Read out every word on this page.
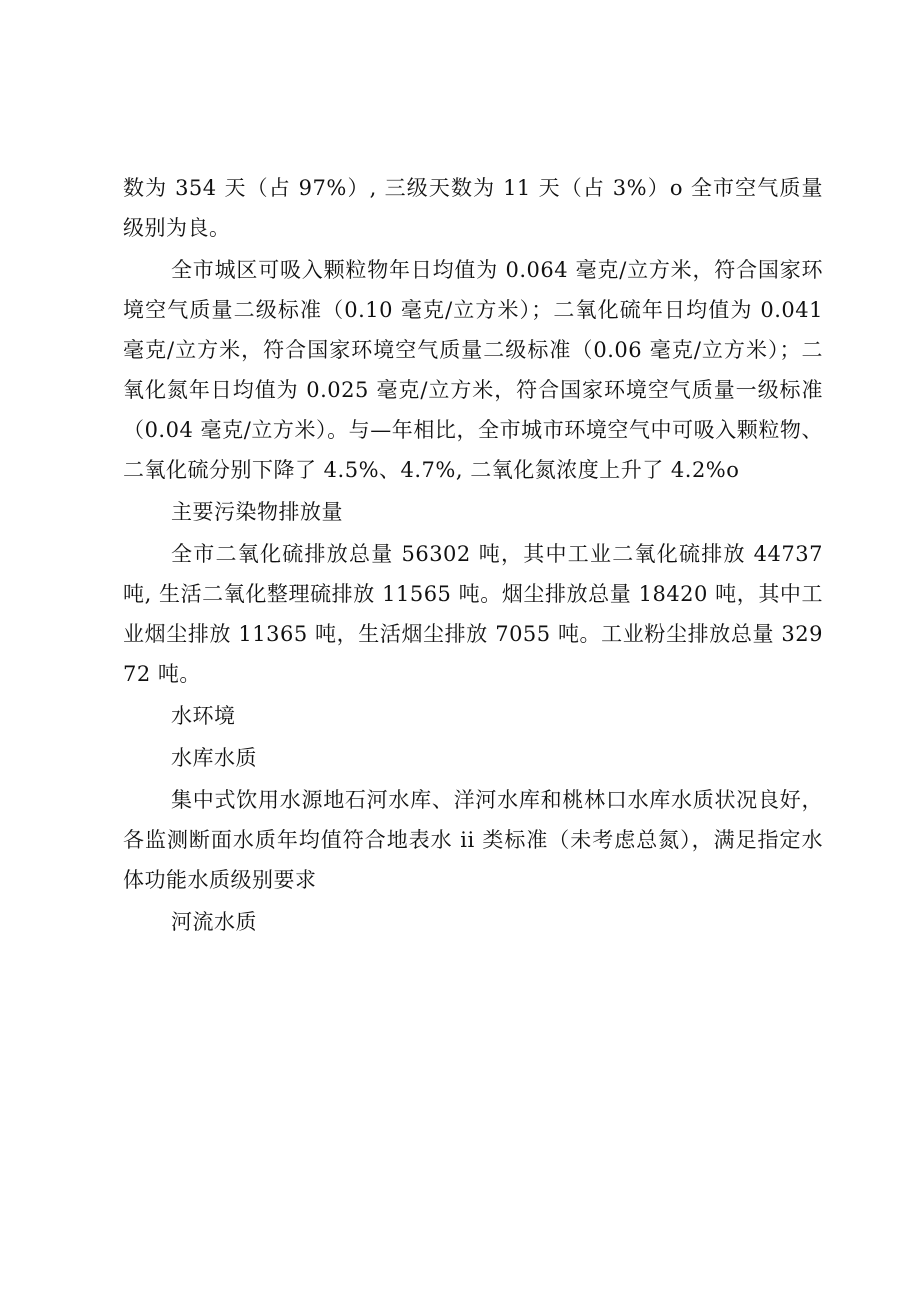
数为 354 天（占 97%）, 三级天数为 11 天（占 3%）o 全市空气质量级别为良。

全市城区可吸入颗粒物年日均值为 0.064 毫克/立方米，符合国家环境空气质量二级标准（0.10 毫克/立方米）；二氧化硫年日均值为 0.041 毫克/立方米，符合国家环境空气质量二级标准（0.06 毫克/立方米）；二氧化氮年日均值为 0.025 毫克/立方米，符合国家环境空气质量一级标准（0.04 毫克/立方米）。与—年相比，全市城市环境空气中可吸入颗粒物、二氧化硫分别下降了 4.5%、4.7%, 二氧化氮浓度上升了 4.2%o

主要污染物排放量

全市二氧化硫排放总量 56302 吨，其中工业二氧化硫排放 44737 吨, 生活二氧化整理硫排放 11565 吨。烟尘排放总量 18420 吨，其中工业烟尘排放 11365 吨，生活烟尘排放 7055 吨。工业粉尘排放总量 32972 吨。

水环境

水库水质

集中式饮用水源地石河水库、洋河水库和桃林口水库水质状况良好，各监测断面水质年均值符合地表水 ii 类标准（未考虑总氮），满足指定水体功能水质级别要求

河流水质
